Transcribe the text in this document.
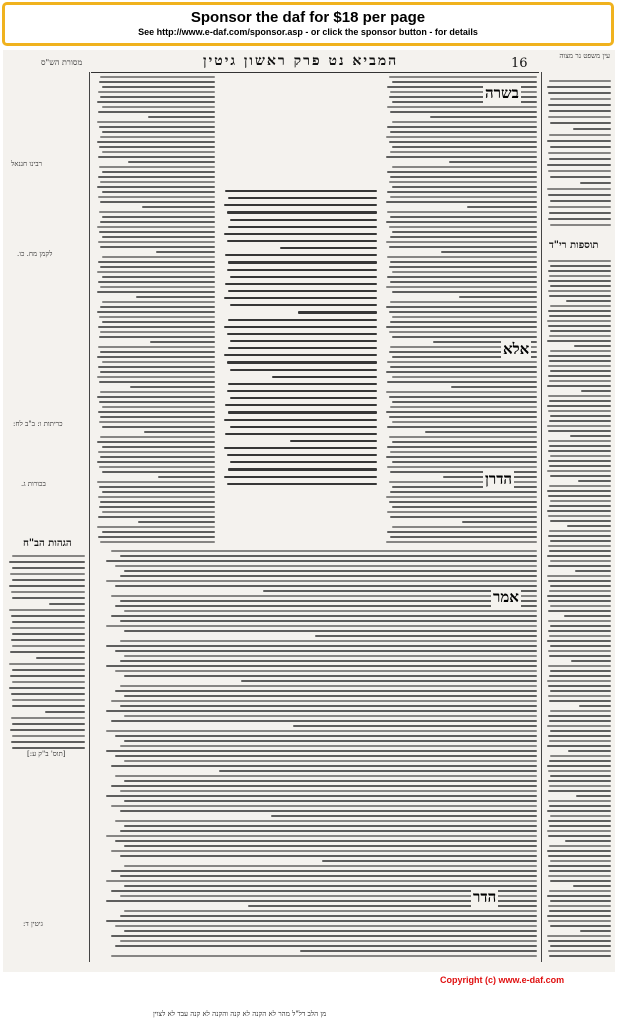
Sponsor the daf for $18 per page
See http://www.e-daf.com/sponsor.asp - or click the sponsor button - for details
מסורת הש"ס	המביא נט פרק ראשון גיטין	16	עין משפט נר מצוה
תוספות רי"ד
הגהות הב"ח
רבינו חננאל
לקמן מח. כו.
כריתות ו: ב"ב לח:
בכורות ג.
[תוס' ב"ק ע:]
גיטין ד:
בשרה
אלא
הדרן
אמר
הדר
מן הלב דל"ל מהר לא הקנה לא קנה והקנה לא קנה עבד לא לצוין
Copyright (c) www.e-daf.com
